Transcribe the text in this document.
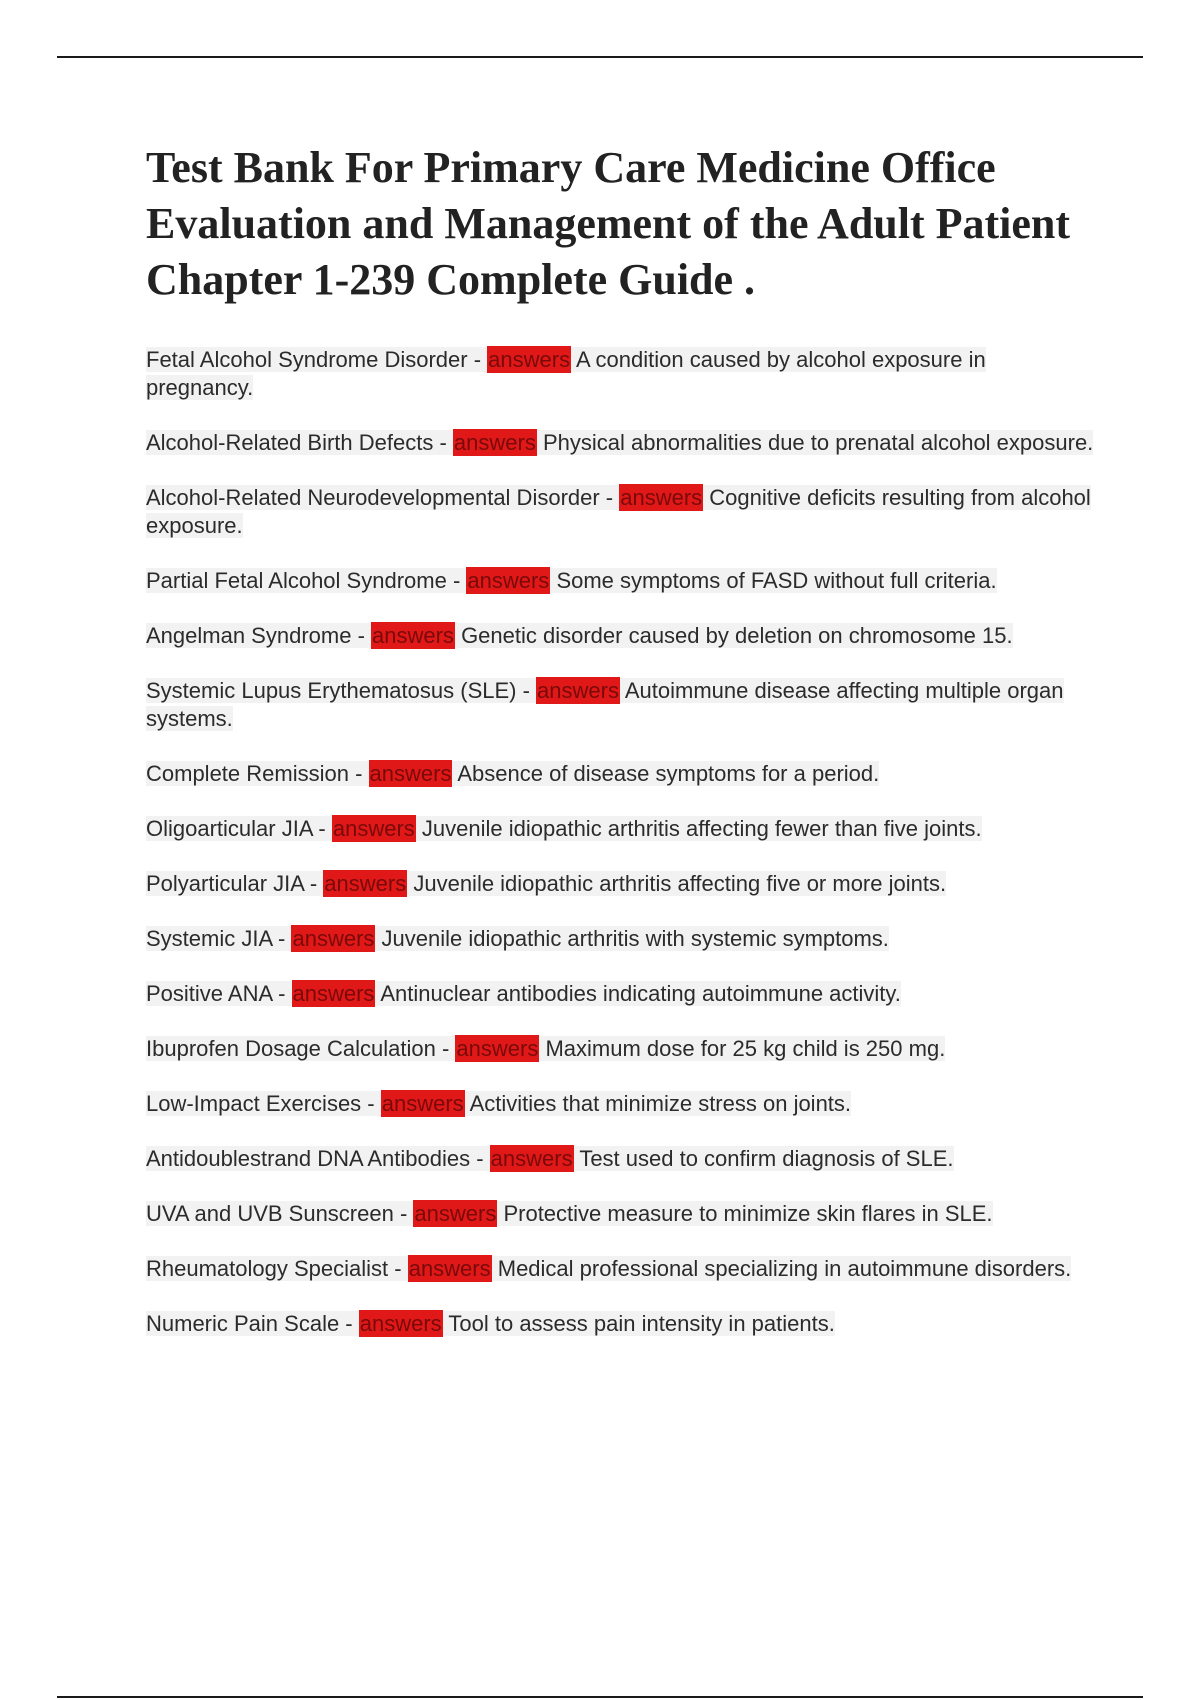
Test Bank For Primary Care Medicine Office Evaluation and Management of the Adult Patient  Chapter 1-239 Complete Guide .
Fetal Alcohol Syndrome Disorder - answers A condition caused by alcohol exposure in pregnancy.
Alcohol-Related Birth Defects - answers Physical abnormalities due to prenatal alcohol exposure.
Alcohol-Related Neurodevelopmental Disorder - answers Cognitive deficits resulting from alcohol exposure.
Partial Fetal Alcohol Syndrome - answers Some symptoms of FASD without full criteria.
Angelman Syndrome - answers Genetic disorder caused by deletion on chromosome 15.
Systemic Lupus Erythematosus (SLE) - answers Autoimmune disease affecting multiple organ systems.
Complete Remission - answers Absence of disease symptoms for a period.
Oligoarticular JIA - answers Juvenile idiopathic arthritis affecting fewer than five joints.
Polyarticular JIA - answers Juvenile idiopathic arthritis affecting five or more joints.
Systemic JIA - answers Juvenile idiopathic arthritis with systemic symptoms.
Positive ANA - answers Antinuclear antibodies indicating autoimmune activity.
Ibuprofen Dosage Calculation - answers Maximum dose for 25 kg child is 250 mg.
Low-Impact Exercises - answers Activities that minimize stress on joints.
Antidoublestrand DNA Antibodies - answers Test used to confirm diagnosis of SLE.
UVA and UVB Sunscreen - answers Protective measure to minimize skin flares in SLE.
Rheumatology Specialist - answers Medical professional specializing in autoimmune disorders.
Numeric Pain Scale - answers Tool to assess pain intensity in patients.
